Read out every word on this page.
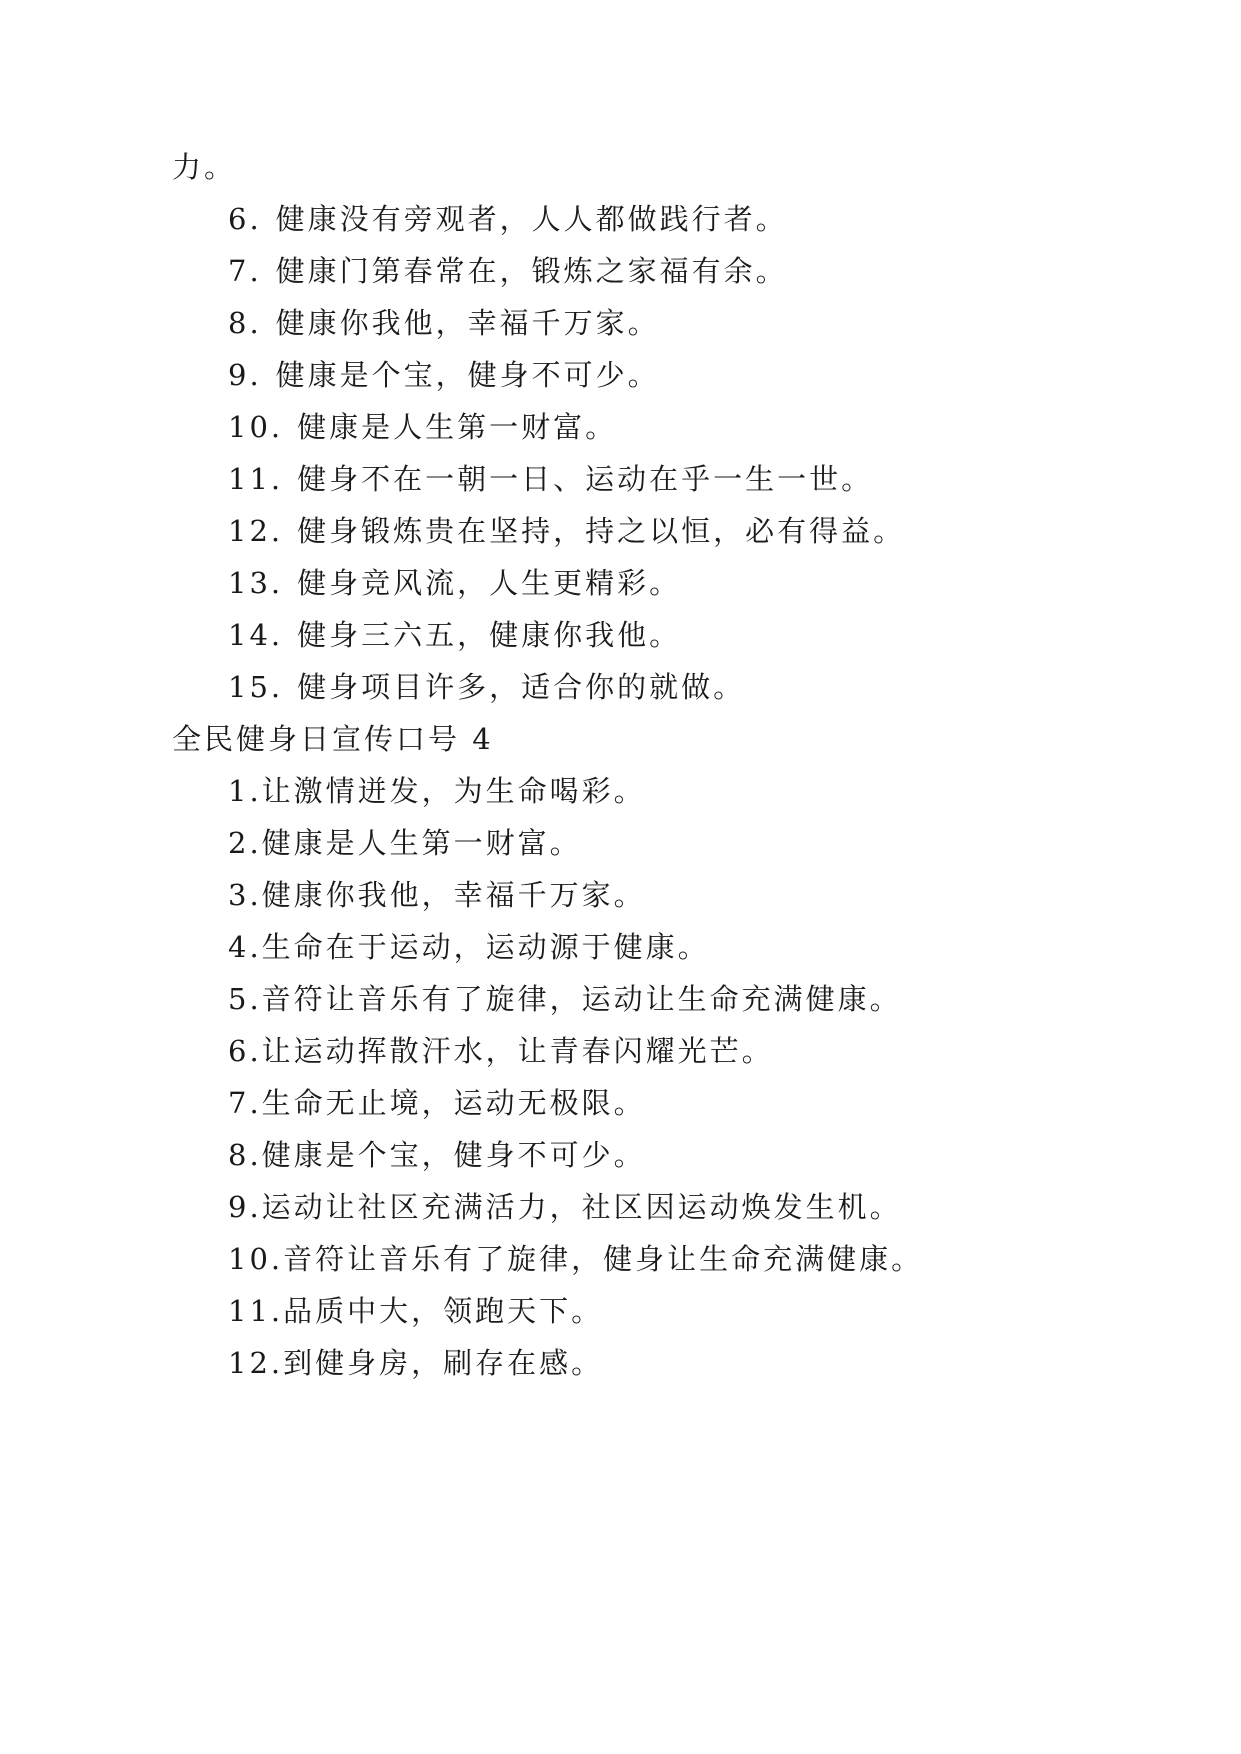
力。
6. 健康没有旁观者，人人都做践行者。
7. 健康门第春常在，锻炼之家福有余。
8. 健康你我他，幸福千万家。
9. 健康是个宝，健身不可少。
10. 健康是人生第一财富。
11. 健身不在一朝一日、运动在乎一生一世。
12. 健身锻炼贵在坚持，持之以恒，必有得益。
13. 健身竞风流，人生更精彩。
14. 健身三六五，健康你我他。
15. 健身项目许多，适合你的就做。
全民健身日宣传口号 4
1.让激情迸发，为生命喝彩。
2.健康是人生第一财富。
3.健康你我他，幸福千万家。
4.生命在于运动，运动源于健康。
5.音符让音乐有了旋律，运动让生命充满健康。
6.让运动挥散汗水，让青春闪耀光芒。
7.生命无止境，运动无极限。
8.健康是个宝，健身不可少。
9.运动让社区充满活力，社区因运动焕发生机。
10.音符让音乐有了旋律，健身让生命充满健康。
11.品质中大，领跑天下。
12.到健身房，刷存在感。
